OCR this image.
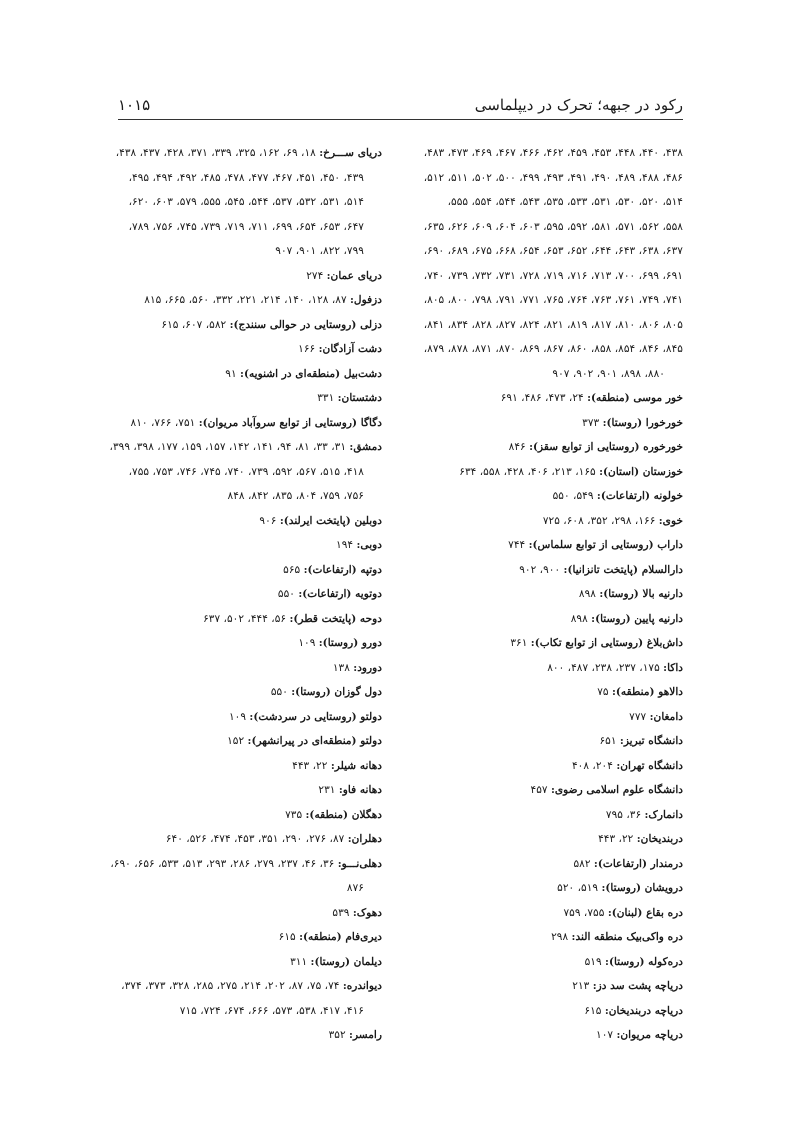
رکود در جبهه؛ تحرک در دیپلماسی
۱۰۱۵
۴۳۸، ۴۴۰، ۴۴۸، ۴۵۳، ۴۵۹، ۴۶۲، ۴۶۶، ۴۶۷، ۴۶۹، ۴۷۳، ۴۸۳،
۴۸۶، ۴۸۸، ۴۸۹، ۴۹۰، ۴۹۱، ۴۹۳، ۴۹۹، ۵۰۰، ۵۰۲، ۵۱۱، ۵۱۲،
۵۱۴، ۵۲۰، ۵۳۰، ۵۳۱، ۵۳۳، ۵۳۵، ۵۴۳، ۵۴۴، ۵۵۴، ۵۵۵،
۵۵۸، ۵۶۲، ۵۷۱، ۵۸۱، ۵۹۲، ۵۹۵، ۶۰۳، ۶۰۴، ۶۰۹، ۶۲۶، ۶۳۵،
۶۳۷، ۶۳۸، ۶۴۳، ۶۴۴، ۶۵۲، ۶۵۳، ۶۵۴، ۶۶۸، ۶۷۵، ۶۸۹، ۶۹۰،
۶۹۱، ۶۹۹، ۷۰۰، ۷۱۳، ۷۱۶، ۷۱۹، ۷۲۸، ۷۳۱، ۷۳۲، ۷۳۹، ۷۴۰،
۷۴۱، ۷۴۹، ۷۶۱، ۷۶۳، ۷۶۴، ۷۶۵، ۷۷۱، ۷۹۱، ۷۹۸، ۸۰۰، ۸۰۵،
۸۰۵، ۸۰۶، ۸۱۰، ۸۱۷، ۸۱۹، ۸۲۱، ۸۲۴، ۸۲۷، ۸۲۸، ۸۳۴، ۸۴۱،
۸۴۵، ۸۴۶، ۸۵۴، ۸۵۸، ۸۶۰، ۸۶۷، ۸۶۹، ۸۷۰، ۸۷۱، ۸۷۸، ۸۷۹،
۸۸۰، ۸۹۸، ۹۰۱، ۹۰۲، ۹۰۷
خور موسی (منطقه): ۲۴، ۴۷۳، ۴۸۶، ۶۹۱
خورخورا (روستا): ۳۷۳
خورخوره (روستایی از توابع سقز): ۸۴۶
خوزستان (استان): ۱۶۵، ۲۱۳، ۴۰۶، ۴۲۸، ۵۵۸، ۶۳۴
خولونه (ارتفاعات): ۵۴۹، ۵۵۰
خوی: ۱۶۶، ۲۹۸، ۳۵۲، ۶۰۸، ۷۲۵
داراب (روستایی از توابع سلماس): ۷۴۴
دارالسلام (پایتخت تانزانیا): ۹۰۰، ۹۰۲
دارنیه بالا (روستا): ۸۹۸
دارنیه پایین (روستا): ۸۹۸
داش‌بلاغ (روستایی از توابع تکاب): ۳۶۱
داکا: ۱۷۵، ۲۳۷، ۲۳۸، ۴۸۷، ۸۰۰
دالاهو (منطقه): ۷۵
دامغان: ۷۷۷
دانشگاه تبریز: ۶۵۱
دانشگاه تهران: ۲۰۴، ۴۰۸
دانشگاه علوم اسلامی رضوی: ۴۵۷
دانمارک: ۳۶، ۷۹۵
دربندیخان: ۲۲، ۴۴۳
درمندار (ارتفاعات): ۵۸۲
درویشان (روستا): ۵۱۹، ۵۲۰
دره بقاع (لبنان): ۷۵۵، ۷۵۹
دره واکی‌بیک منطقه الند: ۲۹۸
دره‌کوله (روستا): ۵۱۹
دریاچه پشت سد دز: ۲۱۳
دریاچه دربندیخان: ۶۱۵
دریاچه مریوان: ۱۰۷
دریای ســـرخ: ۱۸، ۶۹، ۱۶۲، ۳۲۵، ۳۳۹، ۳۷۱، ۴۲۸، ۴۳۷، ۴۳۸،
۴۳۹، ۴۵۰، ۴۵۱، ۴۶۷، ۴۷۷، ۴۷۸، ۴۸۵، ۴۹۲، ۴۹۴، ۴۹۵،
۵۱۴، ۵۳۱، ۵۳۲، ۵۳۷، ۵۴۴، ۵۴۵، ۵۵۵، ۵۷۹، ۶۰۳، ۶۲۰،
۶۴۷، ۶۵۳، ۶۵۴، ۶۹۹، ۷۱۱، ۷۱۹، ۷۳۹، ۷۴۵، ۷۵۶، ۷۸۹،
۷۹۹، ۸۲۲، ۹۰۱، ۹۰۷
دریای عمان: ۲۷۴
دزفول: ۸۷، ۱۲۸، ۱۴۰، ۲۱۴، ۲۲۱، ۳۳۲، ۵۶۰، ۶۶۵، ۸۱۵
دزلی (روستایی در حوالی سنندج): ۵۸۲، ۶۰۷، ۶۱۵
دشت آزادگان: ۱۶۶
دشت‌بیل (منطقه‌ای در اشنویه): ۹۱
دشتستان: ۳۳۱
دگاگا (روستایی از توابع سروآباد مریوان): ۷۵۱، ۷۶۶، ۸۱۰
دمشق: ۳۱، ۳۳، ۸۱، ۹۴، ۱۴۱، ۱۴۲، ۱۵۷، ۱۵۹، ۱۷۷، ۳۹۸، ۳۹۹،
۴۱۸، ۵۱۵، ۵۶۷، ۵۹۲، ۷۳۹، ۷۴۰، ۷۴۵، ۷۴۶، ۷۵۳، ۷۵۵،
۷۵۶، ۷۵۹، ۸۰۴، ۸۳۵، ۸۴۲، ۸۴۸
دوبلین (پایتخت ایرلند): ۹۰۶
دوبی: ۱۹۴
دوتپه (ارتفاعات): ۵۶۵
دوتویه (ارتفاعات): ۵۵۰
دوحه (پایتخت قطر): ۵۶، ۴۴۴، ۵۰۲، ۶۳۷
دورو (روستا): ۱۰۹
دورود: ۱۳۸
دول گوزان (روستا): ۵۵۰
دولتو (روستایی در سردشت): ۱۰۹
دولتو (منطقه‌ای در پیرانشهر): ۱۵۲
دهانه شیلر: ۲۲، ۴۴۳
دهانه فاو: ۲۳۱
دهگلان (منطقه): ۷۳۵
دهلران: ۸۷، ۲۷۶، ۲۹۰، ۳۵۱، ۴۵۳، ۴۷۴، ۵۲۶، ۶۴۰
دهلی‌نـــو: ۳۶، ۴۶، ۲۳۷، ۲۷۹، ۲۸۶، ۲۹۳، ۵۱۳، ۵۳۳، ۶۵۶، ۶۹۰،
۸۷۶
دهوک: ۵۳۹
دیری‌فام (منطقه): ۶۱۵
دیلمان (روستا): ۳۱۱
دیواندره: ۷۴، ۷۵، ۸۷، ۲۰۲، ۲۱۴، ۲۷۵، ۲۸۵، ۳۲۸، ۳۷۳، ۳۷۴،
۴۱۶، ۴۱۷، ۵۳۸، ۵۷۳، ۶۶۶، ۶۷۴، ۷۲۴، ۷۱۵
رامسر: ۳۵۲
